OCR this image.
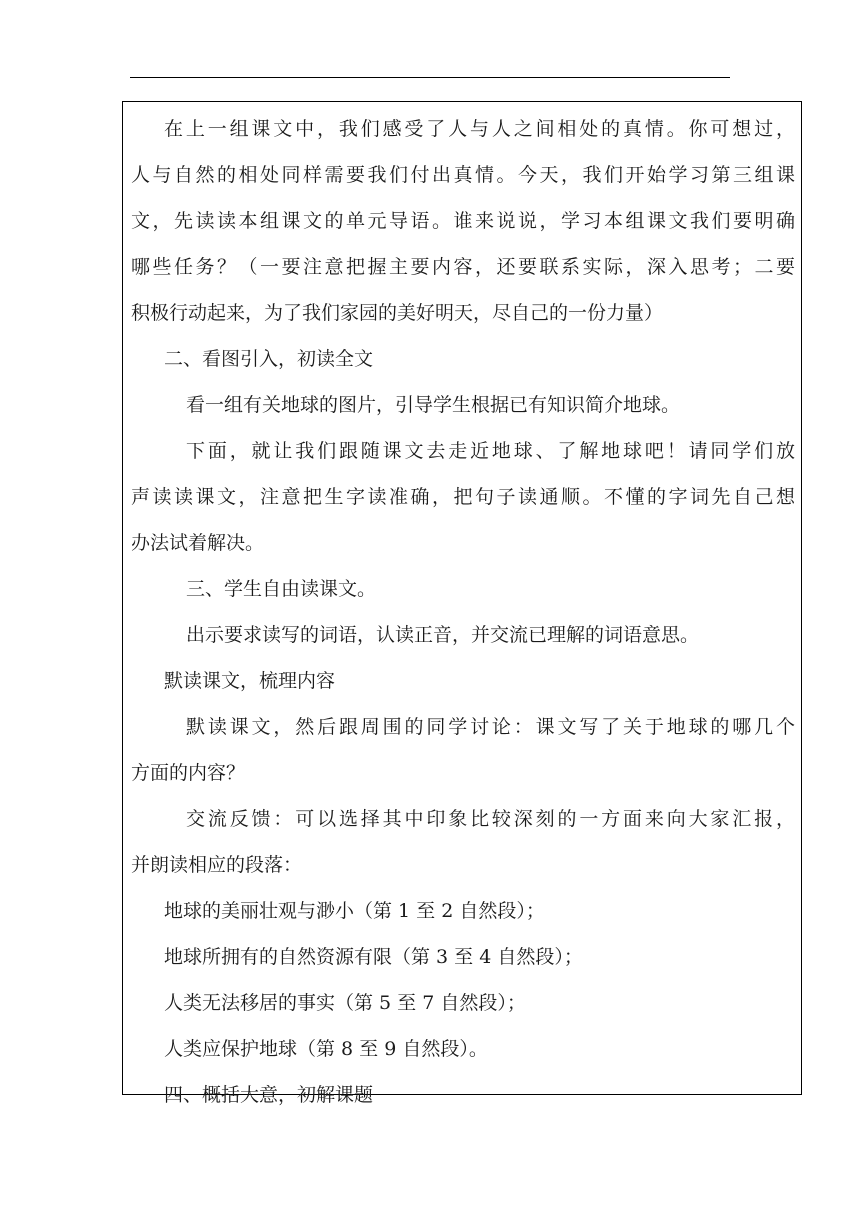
在上一组课文中，我们感受了人与人之间相处的真情。你可想过，
人与自然的相处同样需要我们付出真情。今天，我们开始学习第三组课
文，先读读本组课文的单元导语。谁来说说，学习本组课文我们要明确
哪些任务？（一要注意把握主要内容，还要联系实际，深入思考；二要
积极行动起来，为了我们家园的美好明天，尽自己的一份力量）
二、看图引入，初读全文
看一组有关地球的图片，引导学生根据已有知识简介地球。
下面，就让我们跟随课文去走近地球、了解地球吧！请同学们放
声读读课文，注意把生字读准确，把句子读通顺。不懂的字词先自己想
办法试着解决。
三、学生自由读课文。
出示要求读写的词语，认读正音，并交流已理解的词语意思。
默读课文，梳理内容
默读课文，然后跟周围的同学讨论：课文写了关于地球的哪几个
方面的内容？
交流反馈：可以选择其中印象比较深刻的一方面来向大家汇报，
并朗读相应的段落：
地球的美丽壮观与渺小（第 1 至 2 自然段）；
地球所拥有的自然资源有限（第 3 至 4 自然段）；
人类无法移居的事实（第 5 至 7 自然段）；
人类应保护地球（第 8 至 9 自然段）。
四、概括大意，初解课题
